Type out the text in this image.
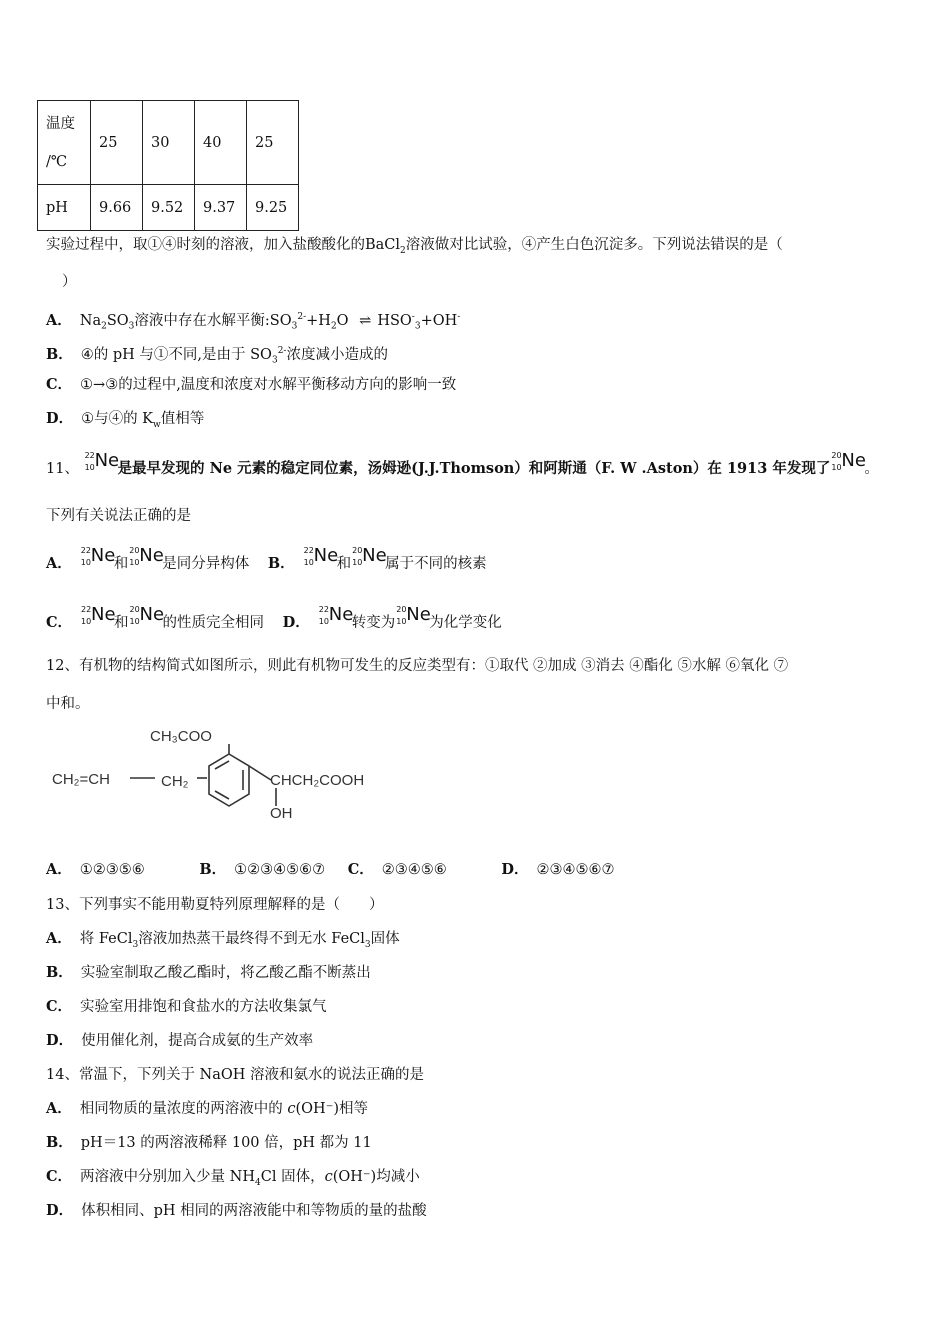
温度
/℃	25	30	40	25
pH	9.66	9.52	9.37	9.25
实验过程中，取①④时刻的溶液，加入盐酸酸化的BaCl$_2$溶液做对比试验，④产生白色沉淀多。下列说法错误的是（
）
A． $Na_2SO_3$溶液中存在水解平衡$:SO_3^{2-}+H_2O$ ⇌ $HSO^-_3+OH^-$
B． ④的 pH 与①不同,是由于 $SO_3^{2-}$浓度减小造成的
C． ①→③的过程中,温度和浓度对水解平衡移动方向的影响一致
D． ①与④的 $K_w$值相等
11、
22
10 Ne
是最早发现的 Ne 元素的稳定同位素，汤姆逊(J.J.Thomson）和阿斯通（F. W .Aston）在 1913 年发现了
20
10 Ne
。
下列有关说法正确的是
A．
22
10 Ne
和
20
10 Ne
是同分异构体 B．
22
10 Ne
和
20
10 Ne
属于不同的核素
C．
22
10 Ne
和
20
10 Ne
的性质完全相同 D．
22
10 Ne
转变为
20
10 Ne
为化学变化
12、有机物的结构简式如图所示，则此有机物可发生的反应类型有：①取代 ②加成 ③消去 ④酯化 ⑤水解 ⑥氧化 ⑦
中和。
CH₃COO
CH₂=CH	CH₂	CHCH₂COOH
OH
A． ①②③⑤⑥	B． ①②③④⑤⑥⑦ C． ②③④⑤⑥	D． ②③④⑤⑥⑦
13、下列事实不能用勒夏特列原理解释的是（　　）
A． 将 FeCl$_3$溶液加热蒸干最终得不到无水 FeCl$_3$固体
B． 实验室制取乙酸乙酯时，将乙酸乙酯不断蒸出
C． 实验室用排饱和食盐水的方法收集氯气
D． 使用催化剂，提高合成氨的生产效率
14、常温下，下列关于 NaOH 溶液和氨水的说法正确的是
A． 相同物质的量浓度的两溶液中的 c(OH⁻)相等
B． pH＝13 的两溶液稀释 100 倍，pH 都为 11
C． 两溶液中分别加入少量 $NH_4Cl$ 固体，c(OH⁻)均减小
D． 体积相同、pH 相同的两溶液能中和等物质的量的盐酸
